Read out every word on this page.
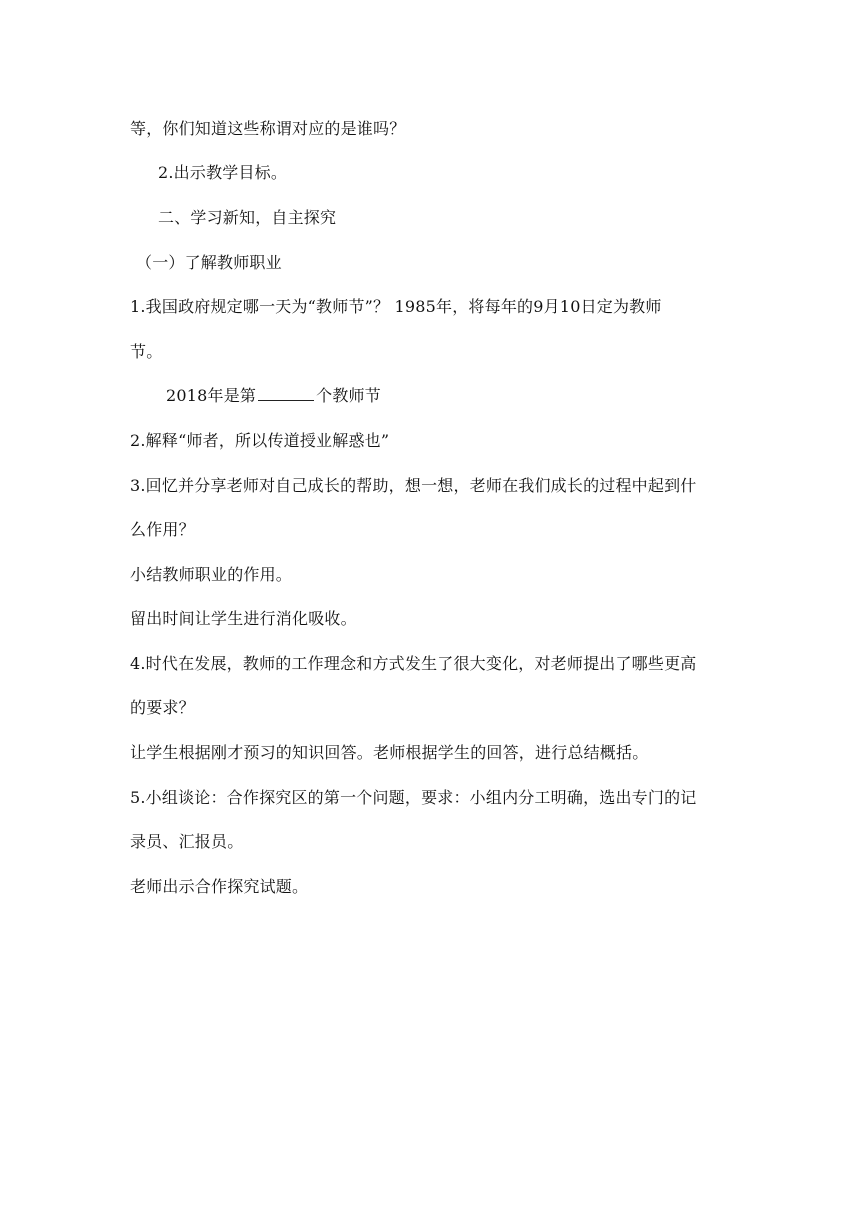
等，你们知道这些称谓对应的是谁吗？
2.出示教学目标。
二、学习新知，自主探究
（一）了解教师职业
1.我国政府规定哪一天为“教师节”？ 1985年，将每年的9月10日定为教师
节。
2018年是第	个教师节
2.解释“师者，所以传道授业解惑也”
3.回忆并分享老师对自己成长的帮助，想一想，老师在我们成长的过程中起到什
么作用？
小结教师职业的作用。
留出时间让学生进行消化吸收。
4.时代在发展，教师的工作理念和方式发生了很大变化，对老师提出了哪些更高
的要求？
让学生根据刚才预习的知识回答。老师根据学生的回答，进行总结概括。
5.小组谈论：合作探究区的第一个问题，要求：小组内分工明确，选出专门的记
录员、汇报员。
老师出示合作探究试题。
